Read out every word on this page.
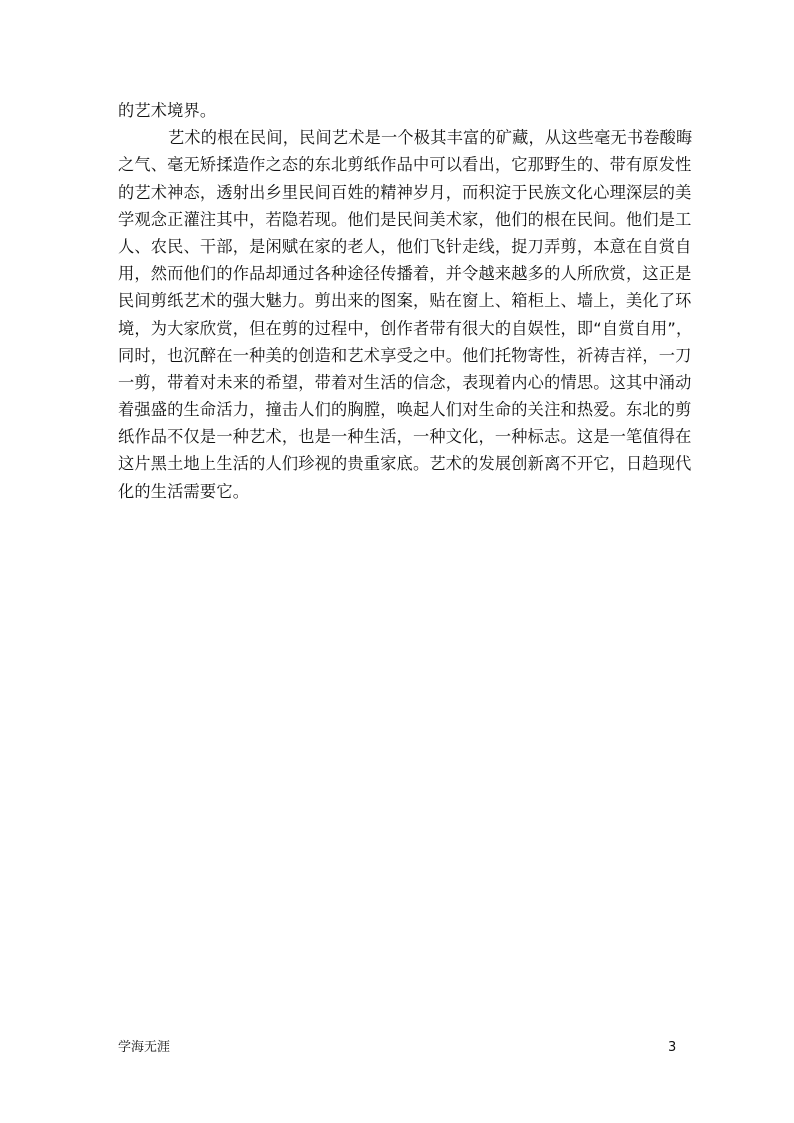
的艺术境界。
艺术的根在民间，民间艺术是一个极其丰富的矿藏，从这些毫无书卷酸晦
之气、毫无矫揉造作之态的东北剪纸作品中可以看出，它那野生的、带有原发性
的艺术神态，透射出乡里民间百姓的精神岁月，而积淀于民族文化心理深层的美
学观念正灌注其中，若隐若现。他们是民间美术家，他们的根在民间。他们是工
人、农民、干部，是闲赋在家的老人，他们飞针走线，捉刀弄剪，本意在自赏自
用，然而他们的作品却通过各种途径传播着，并令越来越多的人所欣赏，这正是
民间剪纸艺术的强大魅力。剪出来的图案，贴在窗上、箱柜上、墙上，美化了环
境，为大家欣赏，但在剪的过程中，创作者带有很大的自娱性，即“自赏自用”，
同时，也沉醉在一种美的创造和艺术享受之中。他们托物寄性，祈祷吉祥，一刀
一剪，带着对未来的希望，带着对生活的信念，表现着内心的情思。这其中涌动
着强盛的生命活力，撞击人们的胸膛，唤起人们对生命的关注和热爱。东北的剪
纸作品不仅是一种艺术，也是一种生活，一种文化，一种标志。这是一笔值得在
这片黑土地上生活的人们珍视的贵重家底。艺术的发展创新离不开它，日趋现代
化的生活需要它。
学海无涯	3
